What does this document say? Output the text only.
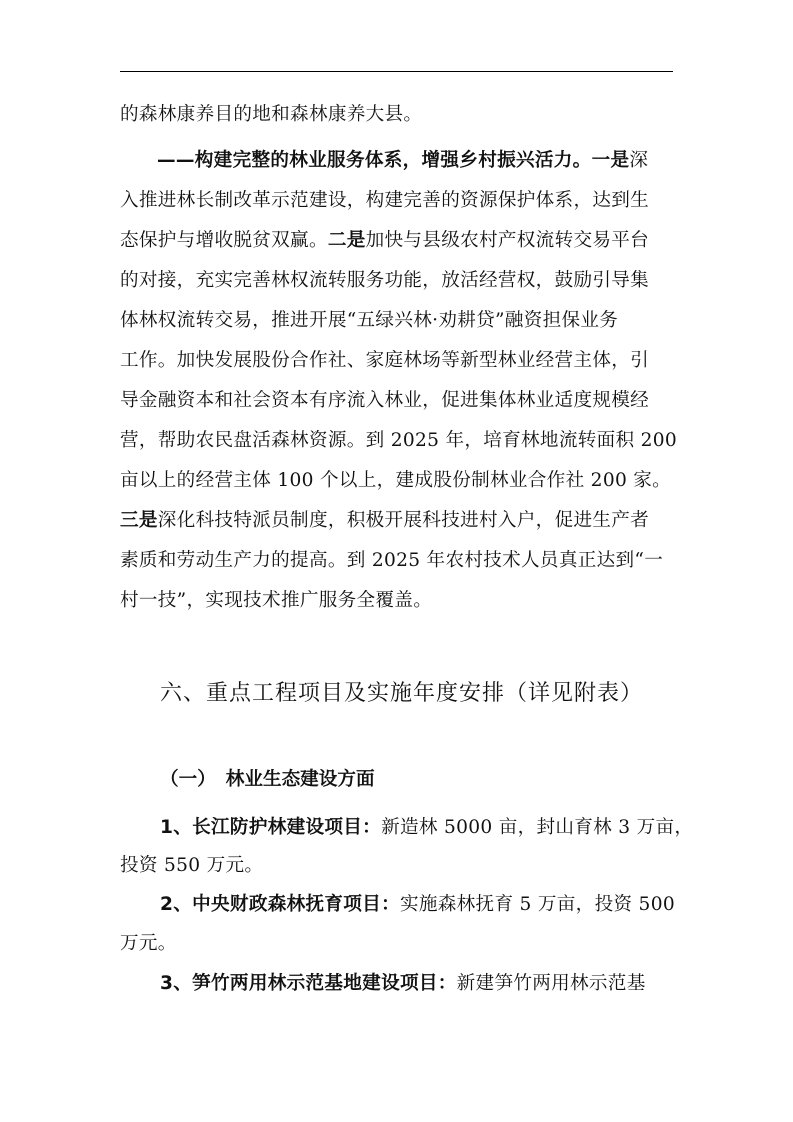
的森林康养目的地和森林康养大县。
——构建完整的林业服务体系，增强乡村振兴活力。一是深
入推进林长制改革示范建设，构建完善的资源保护体系，达到生
态保护与增收脱贫双赢。二是加快与县级农村产权流转交易平台
的对接，充实完善林权流转服务功能，放活经营权，鼓励引导集
体林权流转交易，推进开展“五绿兴林·劝耕贷”融资担保业务
工作。加快发展股份合作社、家庭林场等新型林业经营主体，引
导金融资本和社会资本有序流入林业，促进集体林业适度规模经
营，帮助农民盘活森林资源。到 2025 年，培育林地流转面积 200
亩以上的经营主体 100 个以上，建成股份制林业合作社 200 家。
三是深化科技特派员制度，积极开展科技进村入户，促进生产者
素质和劳动生产力的提高。到 2025 年农村技术人员真正达到“一
村一技”，实现技术推广服务全覆盖。
六、重点工程项目及实施年度安排（详见附表）
（一） 林业生态建设方面
1、长江防护林建设项目：新造林 5000 亩，封山育林 3 万亩，
投资 550 万元。
2、中央财政森林抚育项目：实施森林抚育 5 万亩，投资 500
万元。
3、笋竹两用林示范基地建设项目：新建笋竹两用林示范基
